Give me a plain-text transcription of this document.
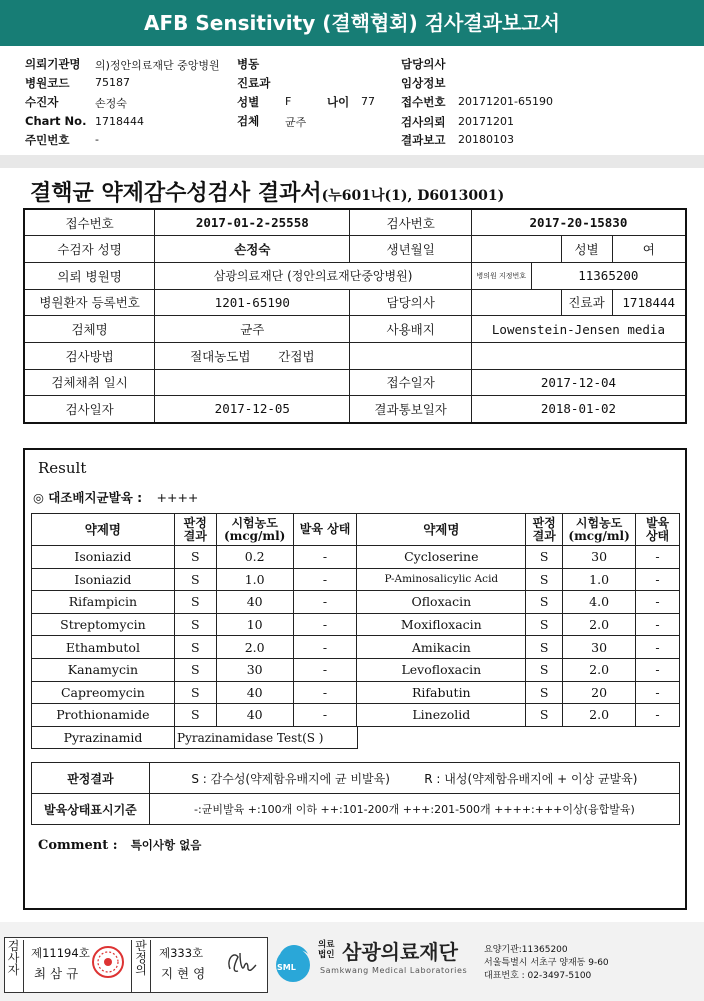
AFB Sensitivity (결핵협회) 검사결과보고서
의뢰기관명 의)정안의료재단 중앙병원 병동	담당의사
병원코드 75187	진료과	임상정보
수진자	손정숙	성별 F	나이 77 접수번호 20171201-65190
Chart No. 1718444	검체 균주	검사의뢰 20171201
주민번호 -	결과보고 20180103
결핵균 약제감수성검사 결과서(누601나(1), D6013001)
접수번호	2017-01-2-25558	검사번호	2017-20-15830			
수검자 성명	손정숙	생년월일			성별	여
의뢰 병원명	삼광의료재단 (정안의료재단중앙병원)		병의원 지정번호	11365200		
병원환자 등록번호	1201-65190	담당의사			진료과	1718444
검체명	균주	사용배지	Lowenstein-Jensen media			
검사방법	절대농도법 간접법					
검체채취 일시		접수일자	2017-12-04			
검사일자	2017-12-05	결과통보일자	2018-01-02			
Result
◎ 대조배지균발육 : ++++
약제명	판정 결과	시험농도 (mcg/ml)	발육 상태	약제명	판정 결과	시험농도 (mcg/ml)	발육 상태
Isoniazid	S	0.2	-	Cycloserine	S	30	-
Isoniazid	S	1.0	-	P-Aminosalicylic Acid	S	1.0	-
Rifampicin	S	40	-	Ofloxacin	S	4.0	-
Streptomycin	S	10	-	Moxifloxacin	S	2.0	-
Ethambutol	S	2.0	-	Amikacin	S	30	-
Kanamycin	S	30	-	Levofloxacin	S	2.0	-
Capreomycin	S	40	-	Rifabutin	S	20	-
Prothionamide	S	40	-	Linezolid	S	2.0	-
Pyrazinamid	Pyrazinamidase Test(S )
판정결과	S : 감수성(약제함유배지에 균 비발육) R : 내성(약제함유배지에 + 이상 균발육)
발육상태표시기준	-:균비발육 +:100개 이하 ++:101-200개 +++:201-500개 ++++:+++이상(융합발육)
Comment : 특이사항 없음
검사자
제11194호
최 삼 규
판정의
제333호
지 현 영	SML
의료법인 삼광의료재단
Samkwang Medical Laboratories
요양기관:11365200
서울특별시 서초구 양재동 9-60
대표번호 : 02-3497-5100
